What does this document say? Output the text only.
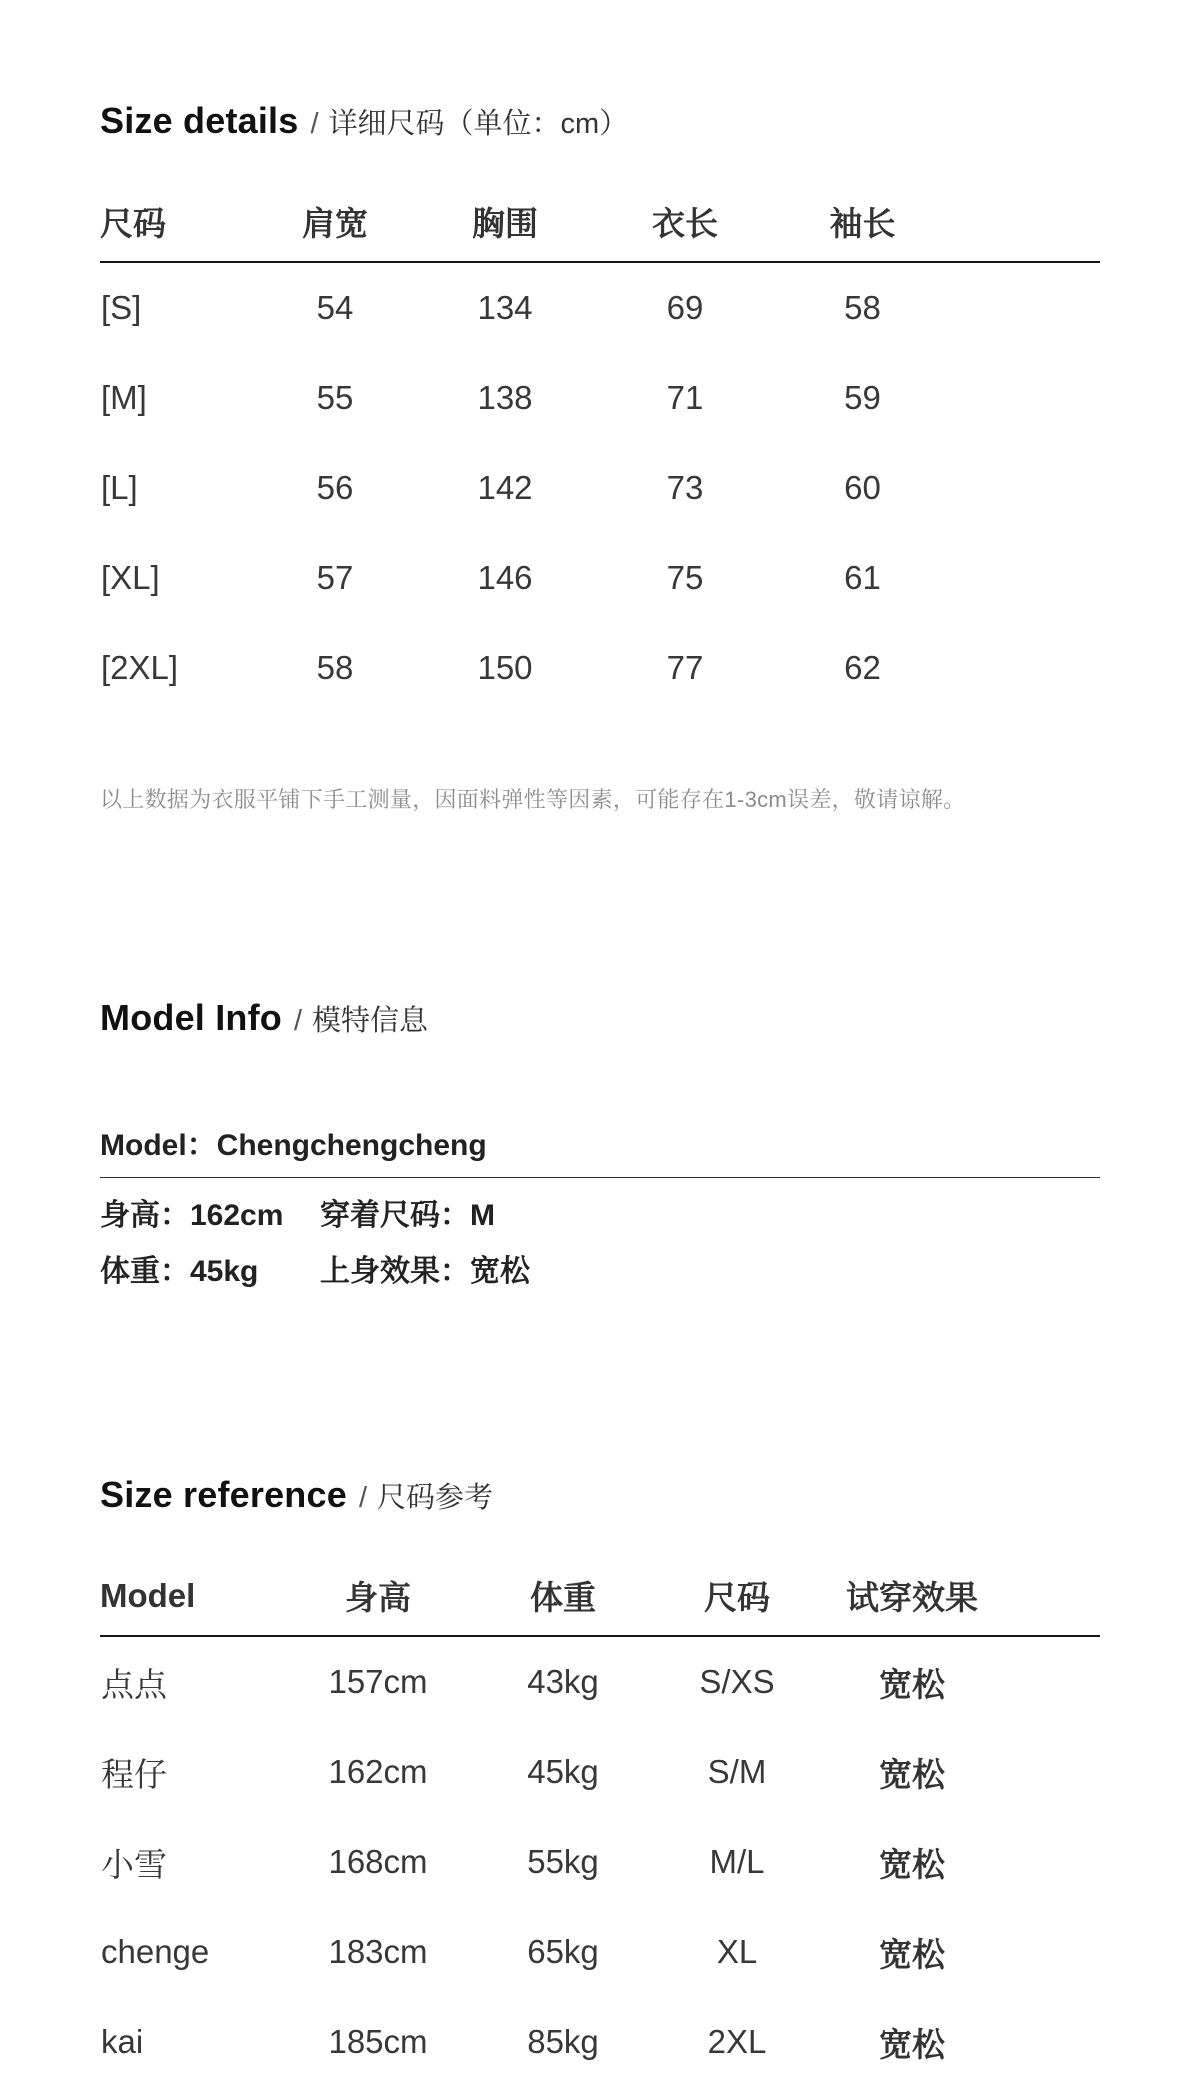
Size details / 详细尺码（单位：cm）
尺码	肩宽	胸围	衣长	袖长	
[S]	54	134	69	58	
[M]	55	138	71	59	
[L]	56	142	73	60	
[XL]	57	146	75	61	
[2XL]	58	150	77	62	
以上数据为衣服平铺下手工测量，因面料弹性等因素，可能存在1-3cm误差，敬请谅解。
Model Info / 模特信息
Model：Chengchengcheng
身高：162cm	穿着尺码：M
体重：45kg	上身效果：宽松
Size reference / 尺码参考
Model	身高	体重	尺码	试穿效果	
点点	157cm	43kg	S/XS	宽松	
程仔	162cm	45kg	S/M	宽松	
小雪	168cm	55kg	M/L	宽松	
chenge	183cm	65kg	XL	宽松	
kai	185cm	85kg	2XL	宽松	
